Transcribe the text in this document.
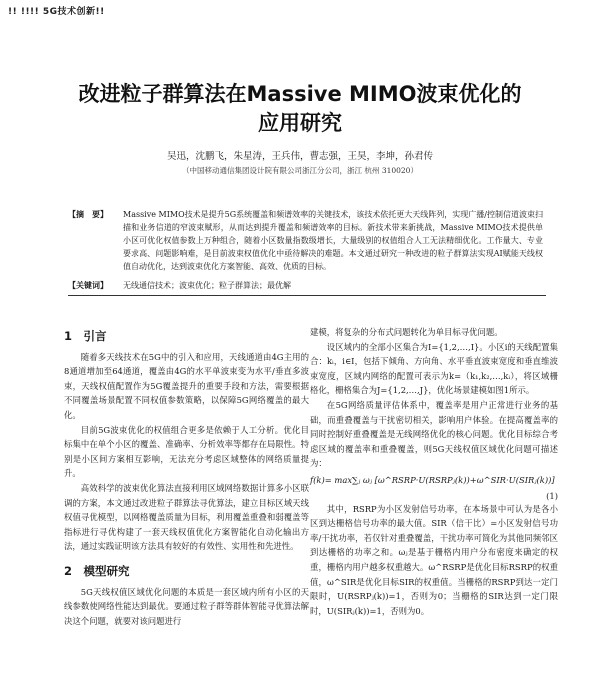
!! !!!! 5G技术创新!!
改进粒子群算法在Massive MIMO波束优化的
应用研究
吴迅，沈鹏飞，朱星涛，王兵伟，曹志强，王昊，李坤，孙君传
（中国移动通信集团设计院有限公司浙江分公司，浙江 杭州 310020）
【摘　要】	Massive MIMO技术是提升5G系统覆盖和频谱效率的关键技术，该技术依托更大天线阵列，实现广播/控制信道波束扫描和业务信道的窄波束赋形，从而达到提升覆盖和频谱效率的目标。新技术带来新挑战，Massive MIMO技术提供单小区可优化权值参数上万种组合，随着小区数量指数级增长，大量级别的权值组合人工无法精细优化。工作量大、专业要求高、问题影响难，是目前波束权值优化中亟待解决的难题。本文通过研究一种改进的粒子群算法实现AI赋能天线权值自动优化，达到波束优化方案智能、高效、优质的目标。
【关键词】	无线通信技术；波束优化；粒子群算法；最优解
1　引言

随着多天线技术在5G中的引入和应用，天线通道由4G主用的8通道增加至64通道，覆盖由4G的水平单波束变为水平/垂直多波束，天线权值配置作为5G覆盖提升的重要手段和方法，需要根据不同覆盖场景配置不同权值参数策略，以保障5G网络覆盖的最大化。

目前5G波束优化的权值组合更多是依赖于人工分析。优化目标集中在单个小区的覆盖、准确率、分析效率等都存在局限性。特别是小区间方案相互影响，无法充分考虑区域整体的网络质量提升。

高效科学的波束优化算法直接利用区域网络数据计算多小区联调的方案，本文通过改进粒子群算法寻优算法，建立目标区域天线权值寻优模型，以网格覆盖质量为目标，利用覆盖重叠和弱覆盖等指标进行寻优构建了一套天线权值优化方案智能化自动化输出方法，通过实践证明该方法具有较好的有效性、实用性和先进性。

2　模型研究

5G天线权值区域优化问题的本质是一套区域内所有小区的天线参数使网络性能达到最优。要通过粒子群等群体智能寻优算法解决这个问题，就要对该问题进行

建模，将复杂的分布式问题转化为单目标寻优问题。

设区域内的全部小区集合为I={1,2,…,I}。小区i的天线配置集合：kᵢ，i∈I，包括下倾角、方向角、水平垂直波束宽度和垂直维波束宽度，区域内网络的配置可表示为k=（k₁,k₂,…,kᵢ），将区域栅格化，栅格集合为J={1,2,…,J}，优化场景建模如图1所示。

在5G网络质量评估体系中，覆盖率是用户正常进行业务的基础，而重叠覆盖与干扰密切相关，影响用户体验。在提高覆盖率的同时控制好重叠覆盖是无线网络优化的核心问题。优化目标综合考虑区域的覆盖率和重叠覆盖，则5G天线权值区域优化问题可描述为：

f(k)= max∑ⱼ ωⱼ [ω^RSRP·U(RSRPⱼ(k))+ω^SIR·U(SIRⱼ(k))]
(1)

其中，RSRP为小区发射信号功率，在本场景中可认为是各小区到达栅格信号功率的最大值。SIR（信干比）=小区发射信号功率/干扰功率，若仅针对重叠覆盖，干扰功率可简化为其他同频邻区到达栅格的功率之和。ωⱼ是基于栅格内用户分布密度来确定的权重，栅格内用户越多权重越大。ω^RSRP是优化目标RSRP的权重值，ω^SIR是优化目标SIR的权重值。当栅格的RSRP到达一定门限时，U(RSRPⱼ(k))=1，否则为0；当栅格的SIR达到一定门限时，U(SIRⱼ(k))=1，否则为0。
